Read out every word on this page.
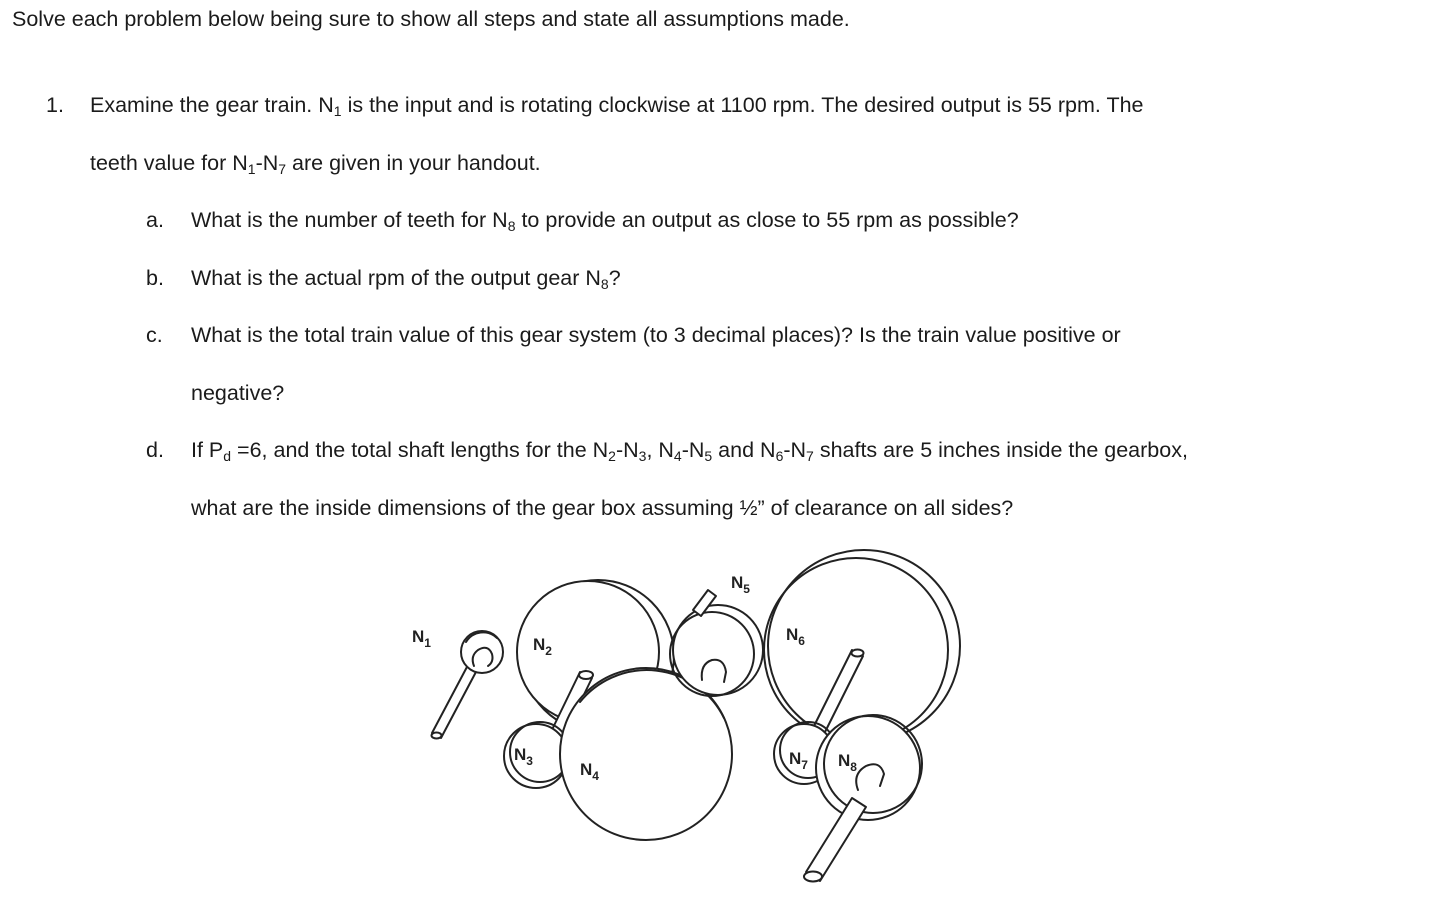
Solve each problem below being sure to show all steps and state all assumptions made.
1. Examine the gear train. $N_1$ is the input and is rotating clockwise at 1100 rpm. The desired output is 55 rpm. The
teeth value for $N_1-N_7$ are given in your handout.
a. What is the number of teeth for $N_8$ to provide an output as close to 55 rpm as possible?
b. What is the actual rpm of the output gear $N_8$?
c. What is the total train value of this gear system (to 3 decimal places)? Is the train value positive or
negative?
d. If $P_d =6$, and the total shaft lengths for the $N_2-N_3$, $N_4-N_5$ and $N_6-N_7$ shafts are 5 inches inside the gearbox,
what are the inside dimensions of the gear box assuming ½” of clearance on all sides?
$N_1$	$N_2$
$N_3$	$N_4$
$N_5$
$N_6$
$N_7$ $N_8$
